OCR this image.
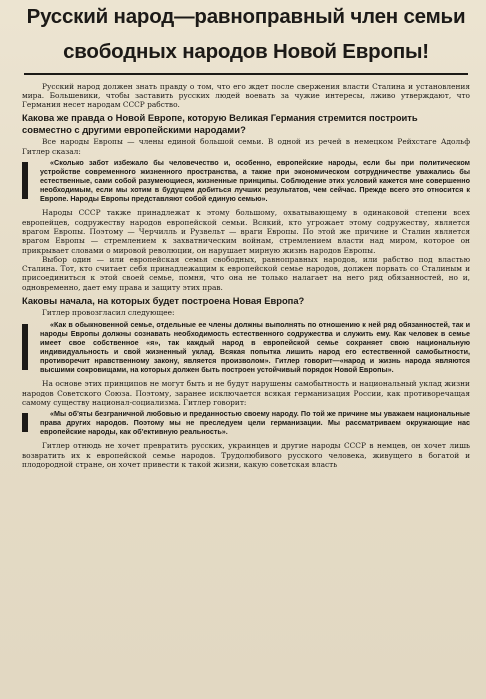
Русский народ—равноправный член семьи
свободных народов Новой Европы!

Русский народ должен знать правду о том, что его ждет после свержения власти Сталина и установления мира. Большевики, чтобы заставить русских людей воевать за чужие интересы, лживо утверждают, что Германия несет народам СССР рабство.

Какова же правда о Новой Европе, которую Великая Германия стремится построить совместно с другими европейскими народами?

Все народы Европы — члены единой большой семьи. В одной из речей в немецком Рейхстаге Адольф Гитлер сказал:

«Сколько забот избежало бы человечество и, особенно, европейские народы, если бы при политическом устройстве современного жизненного пространства, а также при экономическом сотрудничестве уважались бы естественные, сами собой разумеющиеся, жизненные принципы. Соблюдение этих условий кажется мне совершенно необходимым, если мы хотим в будущем добиться лучших результатов, чем сейчас. Прежде всего это относится к Европе. Народы Европы представляют собой единую семью».

Народы СССР также принадлежат к этому большому, охватывающему в одинаковой степени всех европейцев, содружеству народов европейской семьи. Всякий, кто угрожает этому содружеству, является врагом Европы. Поэтому — Черчилль и Рузвельт — враги Европы. По этой же причине и Сталин является врагом Европы — стремлением к захватническим войнам, стремлением власти над миром, которое он прикрывает словами о мировой революции, он нарушает мирную жизнь народов Европы.

Выбор один — или европейская семья свободных, равноправных народов, или рабство под властью Сталина. Тот, кто считает себя принадлежащим к европейской семье народов, должен порвать со Сталиным и присоединиться к этой своей семье, помня, что она не только налагает на него ряд обязанностей, но и, одновременно, дает ему права и защиту этих прав.

Каковы начала, на которых будет построена Новая Европа?

Гитлер провозгласил следующее:

«Как в обыкновенной семье, отдельные ее члены должны выполнять по отношению к ней ряд обязанностей, так и народы Европы должны сознавать необходимость естественного содружества и служить ему. Как человек в семье имеет свое собственное «я», так каждый народ в европейской семье сохраняет свою национальную индивидуальность и свой жизненный уклад. Всякая попытка лишить народ его естественной самобытности, противоречит нравственному закону, является произволом». Гитлер говорит—«народ и жизнь народа являются высшими сокровищами, на которых должен быть построен устойчивый порядок Новой Европы».

На основе этих принципов не могут быть и не будут нарушены самобытность и национальный уклад жизни народов Советского Союза. Поэтому, заранее исключается всякая германизация России, как противоречащая самому существу национал-социализма. Гитлер говорит:

«Мы об'яты безграничной любовью и преданностью своему народу. По той же причине мы уважаем национальные права других народов. Поэтому мы не преследуем цели германизации. Мы рассматриваем окружающие нас европейские народы, как об'ективную реальность».

Гитлер отнюдь не хочет превратить русских, украинцев и другие народы СССР в немцев, он хочет лишь возвратить их к европейской семье народов. Трудолюбивого русского человека, живущего в богатой и плодородной стране, он хочет привести к такой жизни, какую советская власть
